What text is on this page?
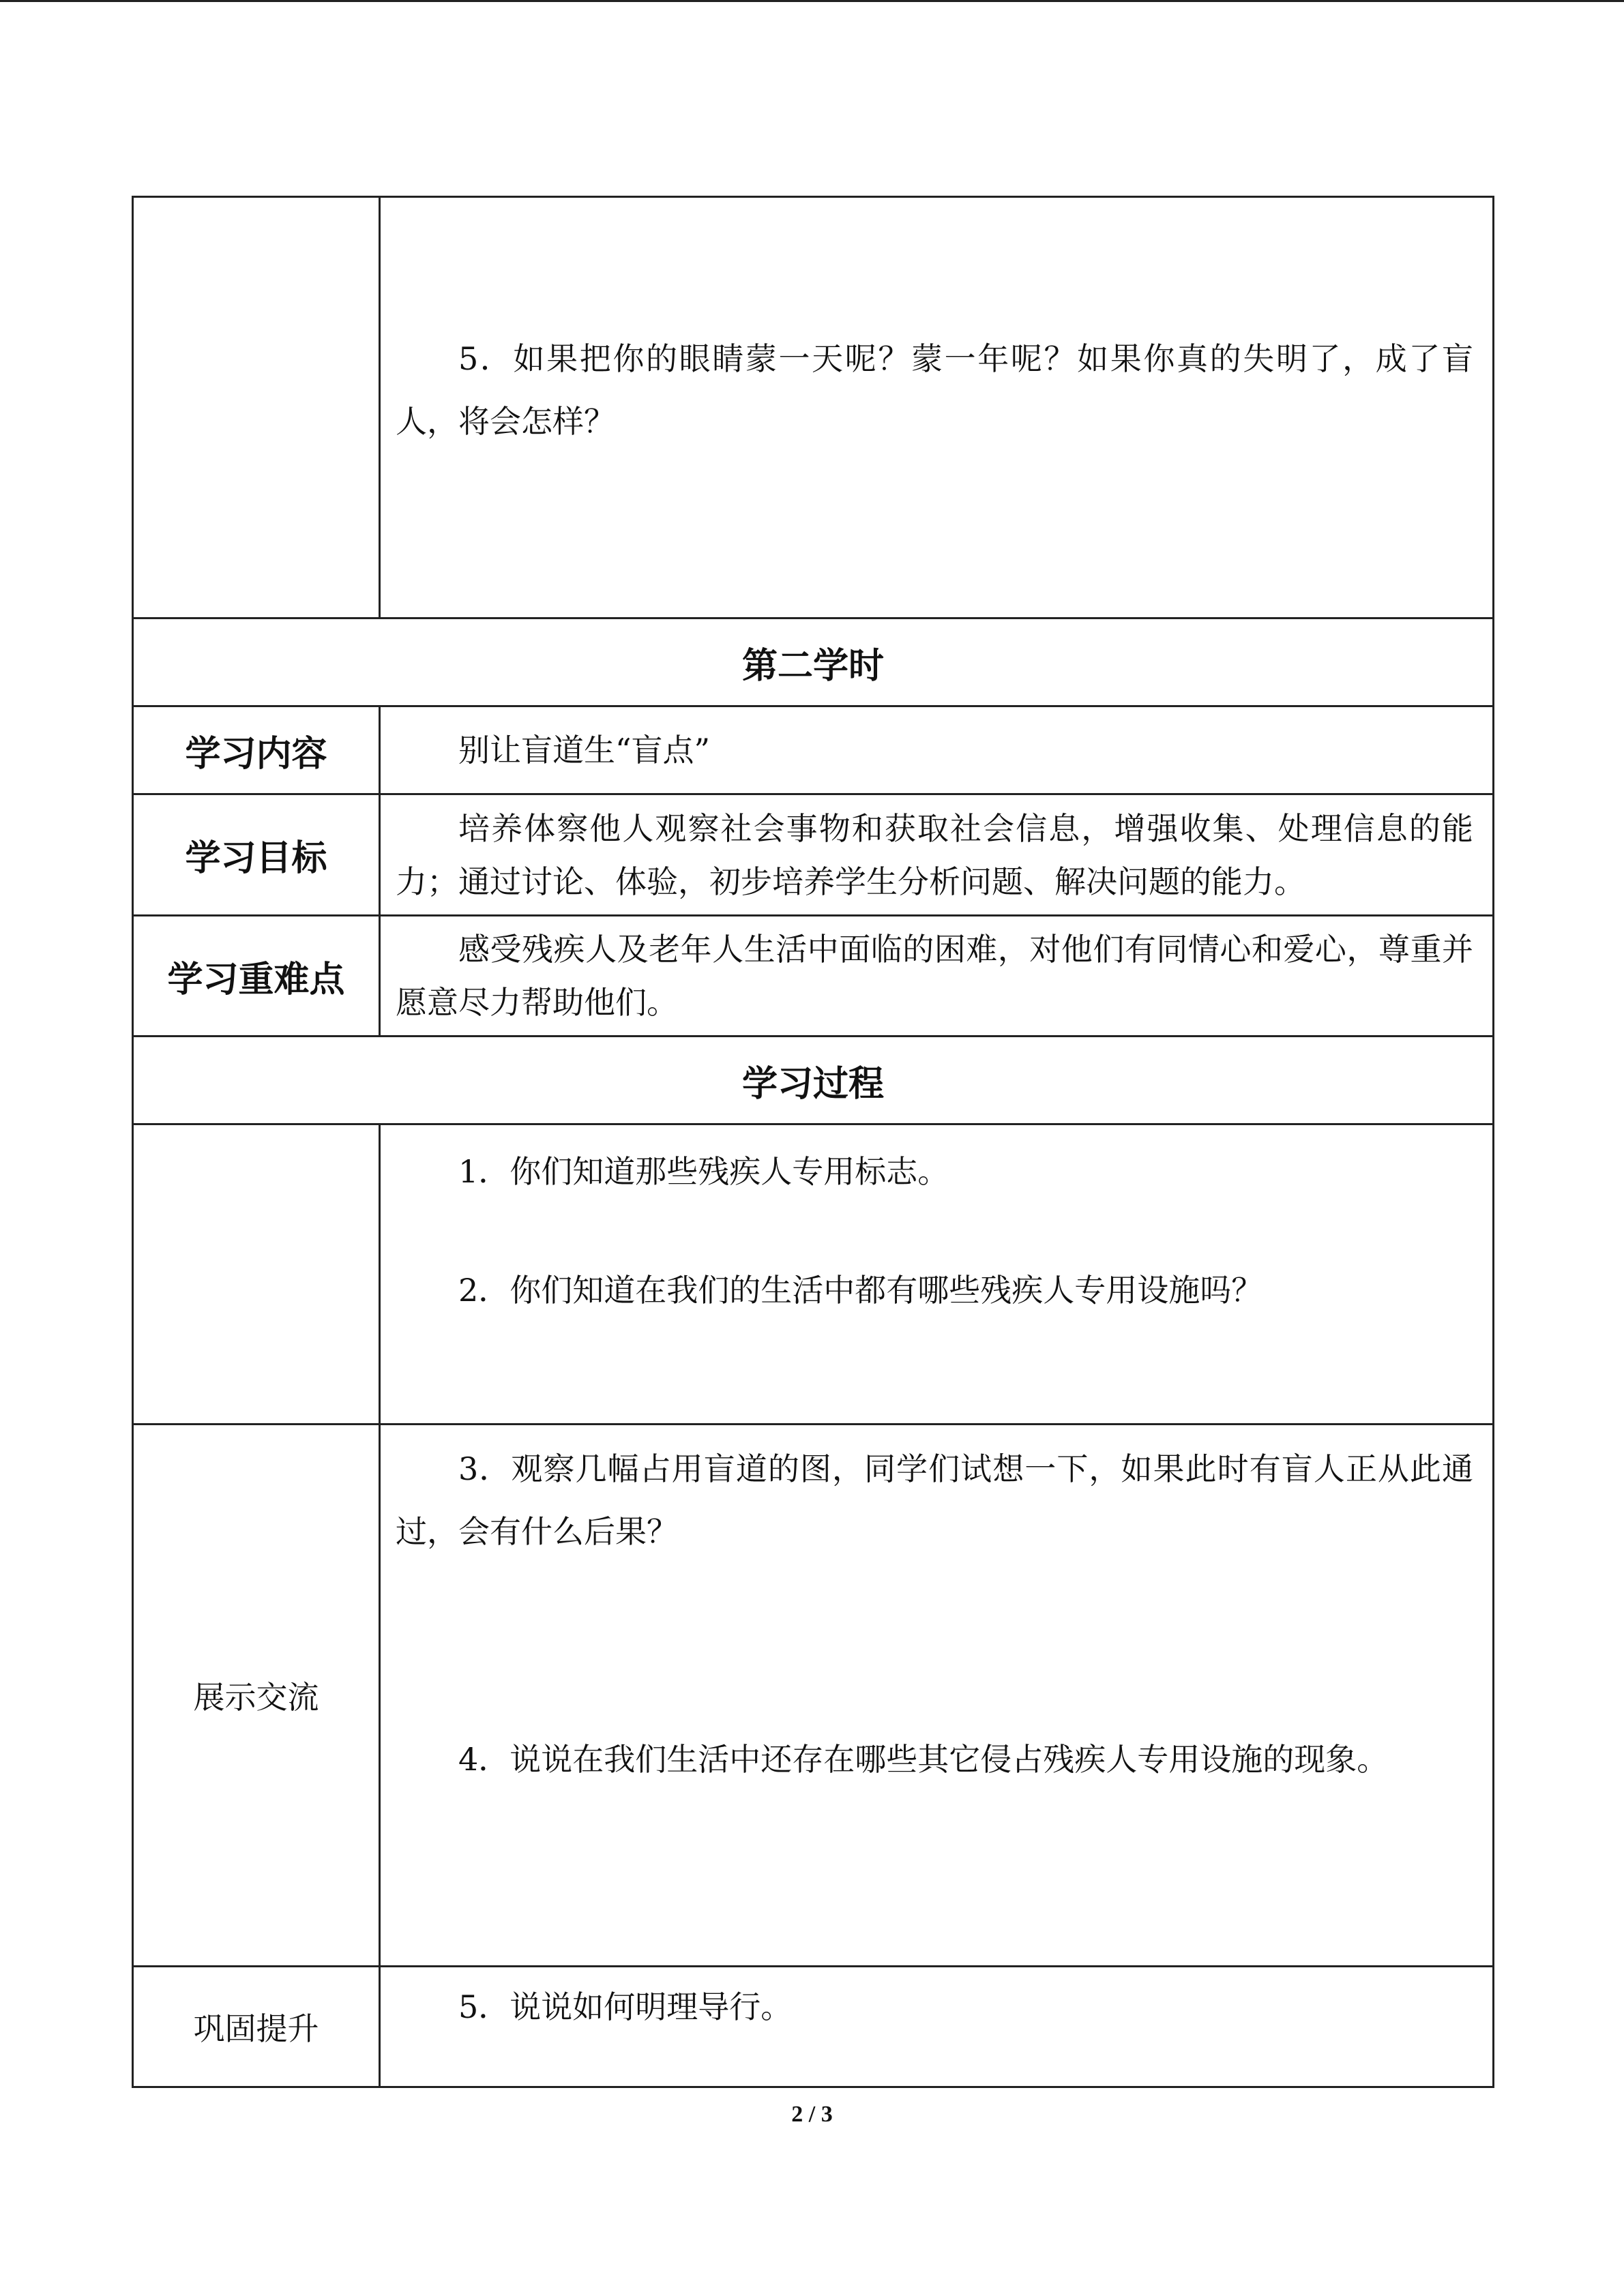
	5．如果把你的眼睛蒙一天呢？蒙一年呢？如果你真的失明了，成了盲人，将会怎样？

第二学时	
学习内容	别让盲道生“盲点”

学习目标	培养体察他人观察社会事物和获取社会信息，增强收集、处理信息的能力；通过讨论、体验，初步培养学生分析问题、解决问题的能力。

学习重难点	感受残疾人及老年人生活中面临的困难，对他们有同情心和爱心，尊重并愿意尽力帮助他们。

学习过程	

	1．你们知道那些残疾人专用标志。

2．你们知道在我们的生活中都有哪些残疾人专用设施吗？

展示交流	3．观察几幅占用盲道的图，同学们试想一下，如果此时有盲人正从此通过，会有什么后果？

4．说说在我们生活中还存在哪些其它侵占残疾人专用设施的现象。

巩固提升	5．说说如何明理导行。

2 / 3
